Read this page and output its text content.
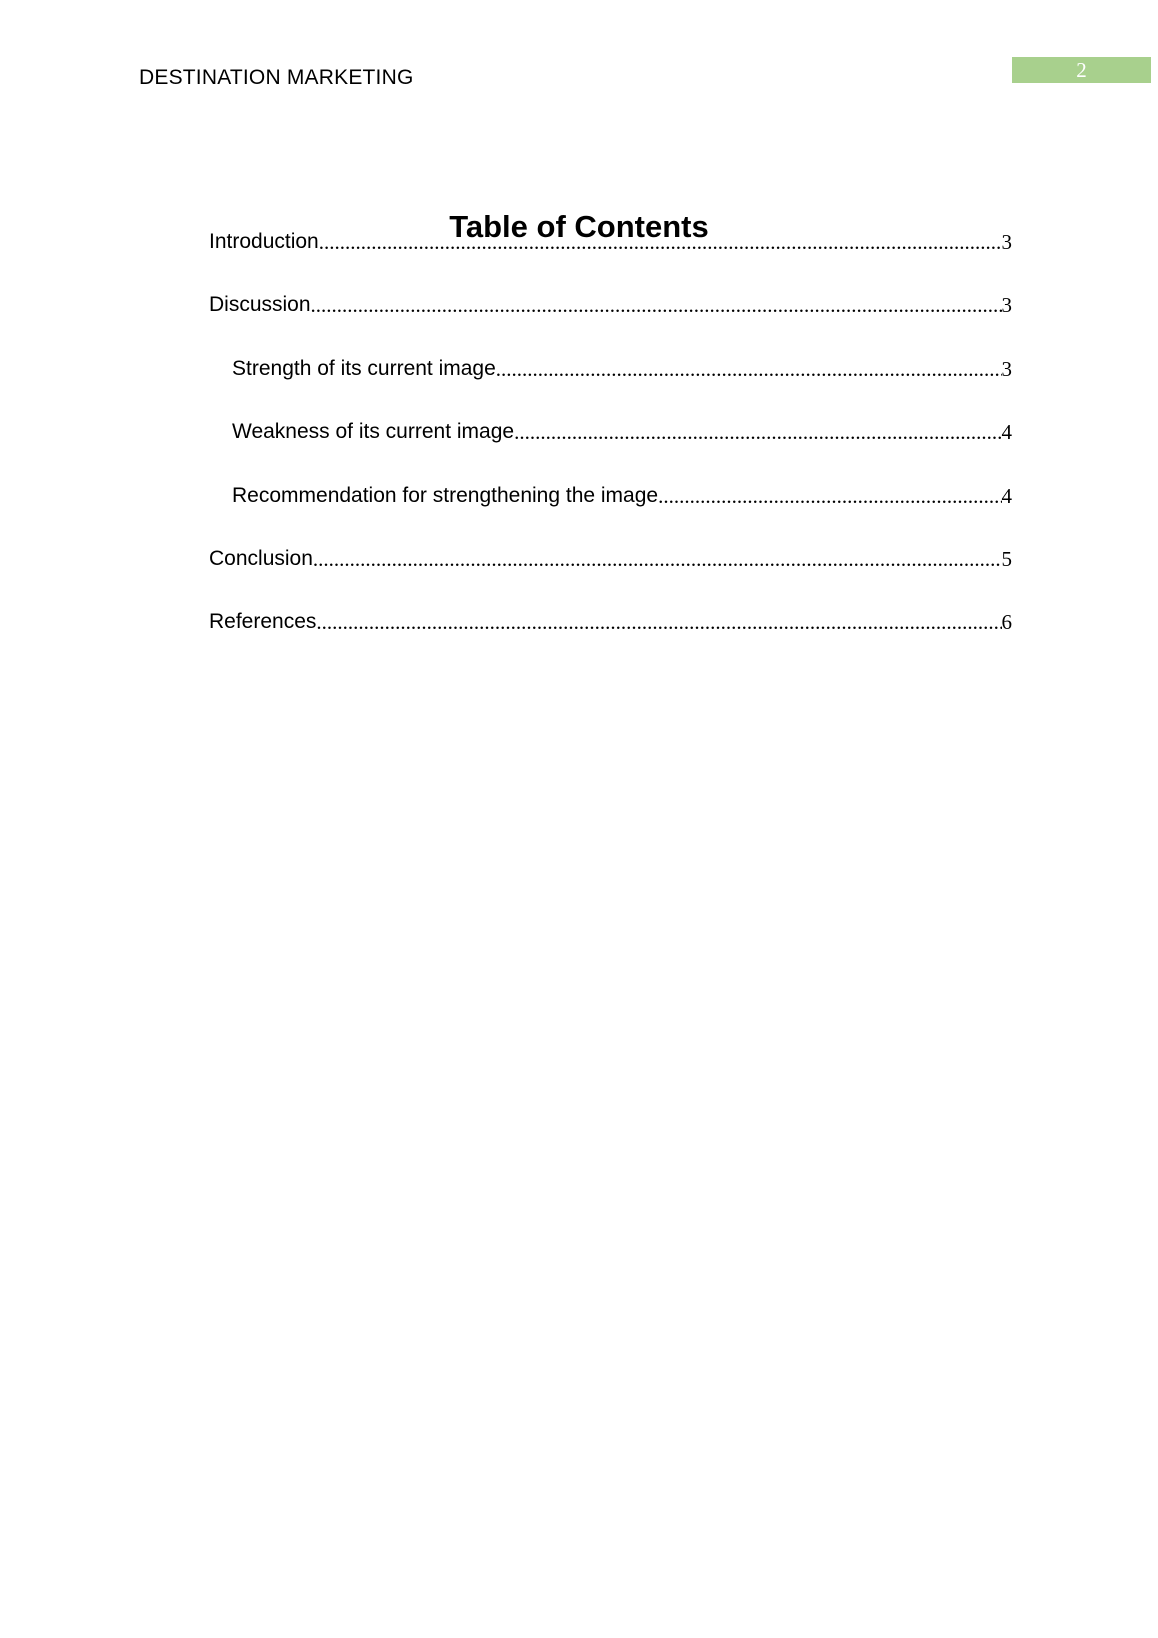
DESTINATION MARKETING	2
Table of Contents
Introduction .....	3
Discussion .....	3
Strength of its current image .....	3
Weakness of its current image .....	4
Recommendation for strengthening the image .....	4
Conclusion .....	5
References .....	6
